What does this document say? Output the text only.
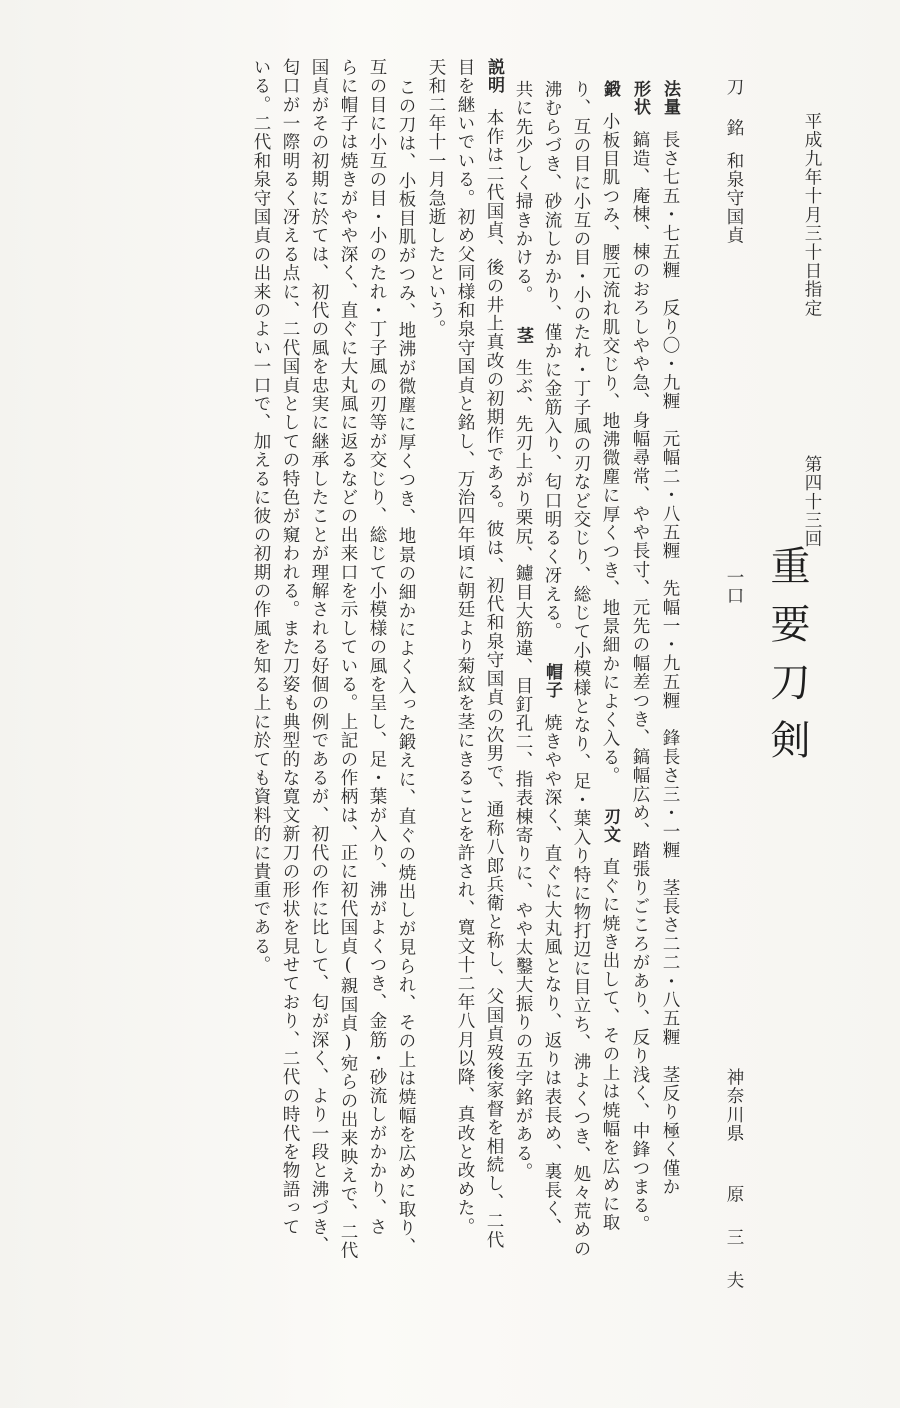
平成九年十月三十日指定
第四十三回
重要刀剣
刀銘和泉守国貞
一口
神奈川県
原　三　夫
法量長さ七五・七五糎　反り〇・九糎　元幅二・八五糎　先幅一・九五糎　鋒長さ三・一糎　茎長さ二二・八五糎　茎反り極く僅か
形状鎬造、庵棟、棟のおろしやや急、身幅尋常、やや長寸、元先の幅差つき、鎬幅広め、踏張りごころがあり、反り浅く、中鋒つまる。
鍛小板目肌つみ、腰元流れ肌交じり、地沸微塵に厚くつき、地景細かによく入る。刃文直ぐに焼き出して、その上は焼幅を広めに取
り、互の目に小互の目・小のたれ・丁子風の刃など交じり、総じて小模様となり、足・葉入り特に物打辺に目立ち、沸よくつき、処々荒めの
沸むらづき、砂流しかかり、僅かに金筋入り、匂口明るく冴える。帽子焼きやや深く、直ぐに大丸風となり、返りは表長め、裏長く、
共に先少しく掃きかける。茎生ぶ、先刃上がり栗尻、鑢目大筋違、目釘孔二、指表棟寄りに、やや太鑿大振りの五字銘がある。
説明本作は二代国貞、後の井上真改の初期作である。彼は、初代和泉守国貞の次男で、通称八郎兵衛と称し、父国貞歿後家督を相続し、二代
目を継いでいる。初め父同様和泉守国貞と銘し、万治四年頃に朝廷より菊紋を茎にきることを許され、寛文十二年八月以降、真改と改めた。
天和二年十一月急逝したという。
この刀は、小板目肌がつみ、地沸が微塵に厚くつき、地景の細かによく入った鍛えに、直ぐの焼出しが見られ、その上は焼幅を広めに取り、
互の目に小互の目・小のたれ・丁子風の刃等が交じり、総じて小模様の風を呈し、足・葉が入り、沸がよくつき、金筋・砂流しがかかり、さ
らに帽子は焼きがやや深く、直ぐに大丸風に返るなどの出来口を示している。上記の作柄は、正に初代国貞(親国貞)宛らの出来映えで、二代
国貞がその初期に於ては、初代の風を忠実に継承したことが理解される好個の例であるが、初代の作に比して、匂が深く、より一段と沸づき、
匂口が一際明るく冴える点に、二代国貞としての特色が窺われる。また刀姿も典型的な寛文新刀の形状を見せており、二代の時代を物語って
いる。二代和泉守国貞の出来のよい一口で、加えるに彼の初期の作風を知る上に於ても資料的に貴重である。
